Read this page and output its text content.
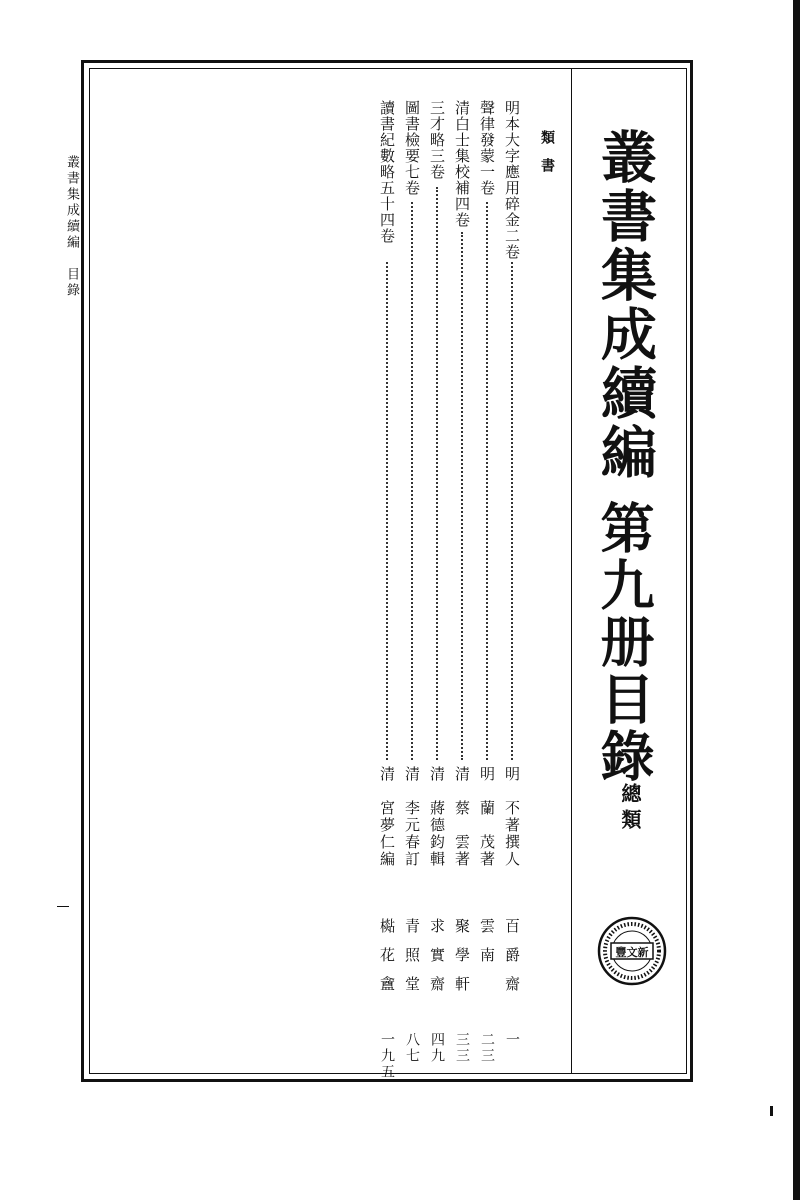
叢書集成續編　目錄	叢書集成續編
第九册目錄
總類
類書
明本大字應用碎金二卷
聲律發蒙一卷
清白士集校補四卷
三才略三卷
圖書檢要七卷
讀書紀數略五十四卷
明　不著撰人
明　蘭　茂著
清　蔡　雲著
清　蔣德鈞輯
清　李元春訂
清　宮夢仁編
百爵齋
雲南
聚學軒
求實齋
青照堂
檆花盦
一
二三
三三
四九
八七
一九五
豐文新
